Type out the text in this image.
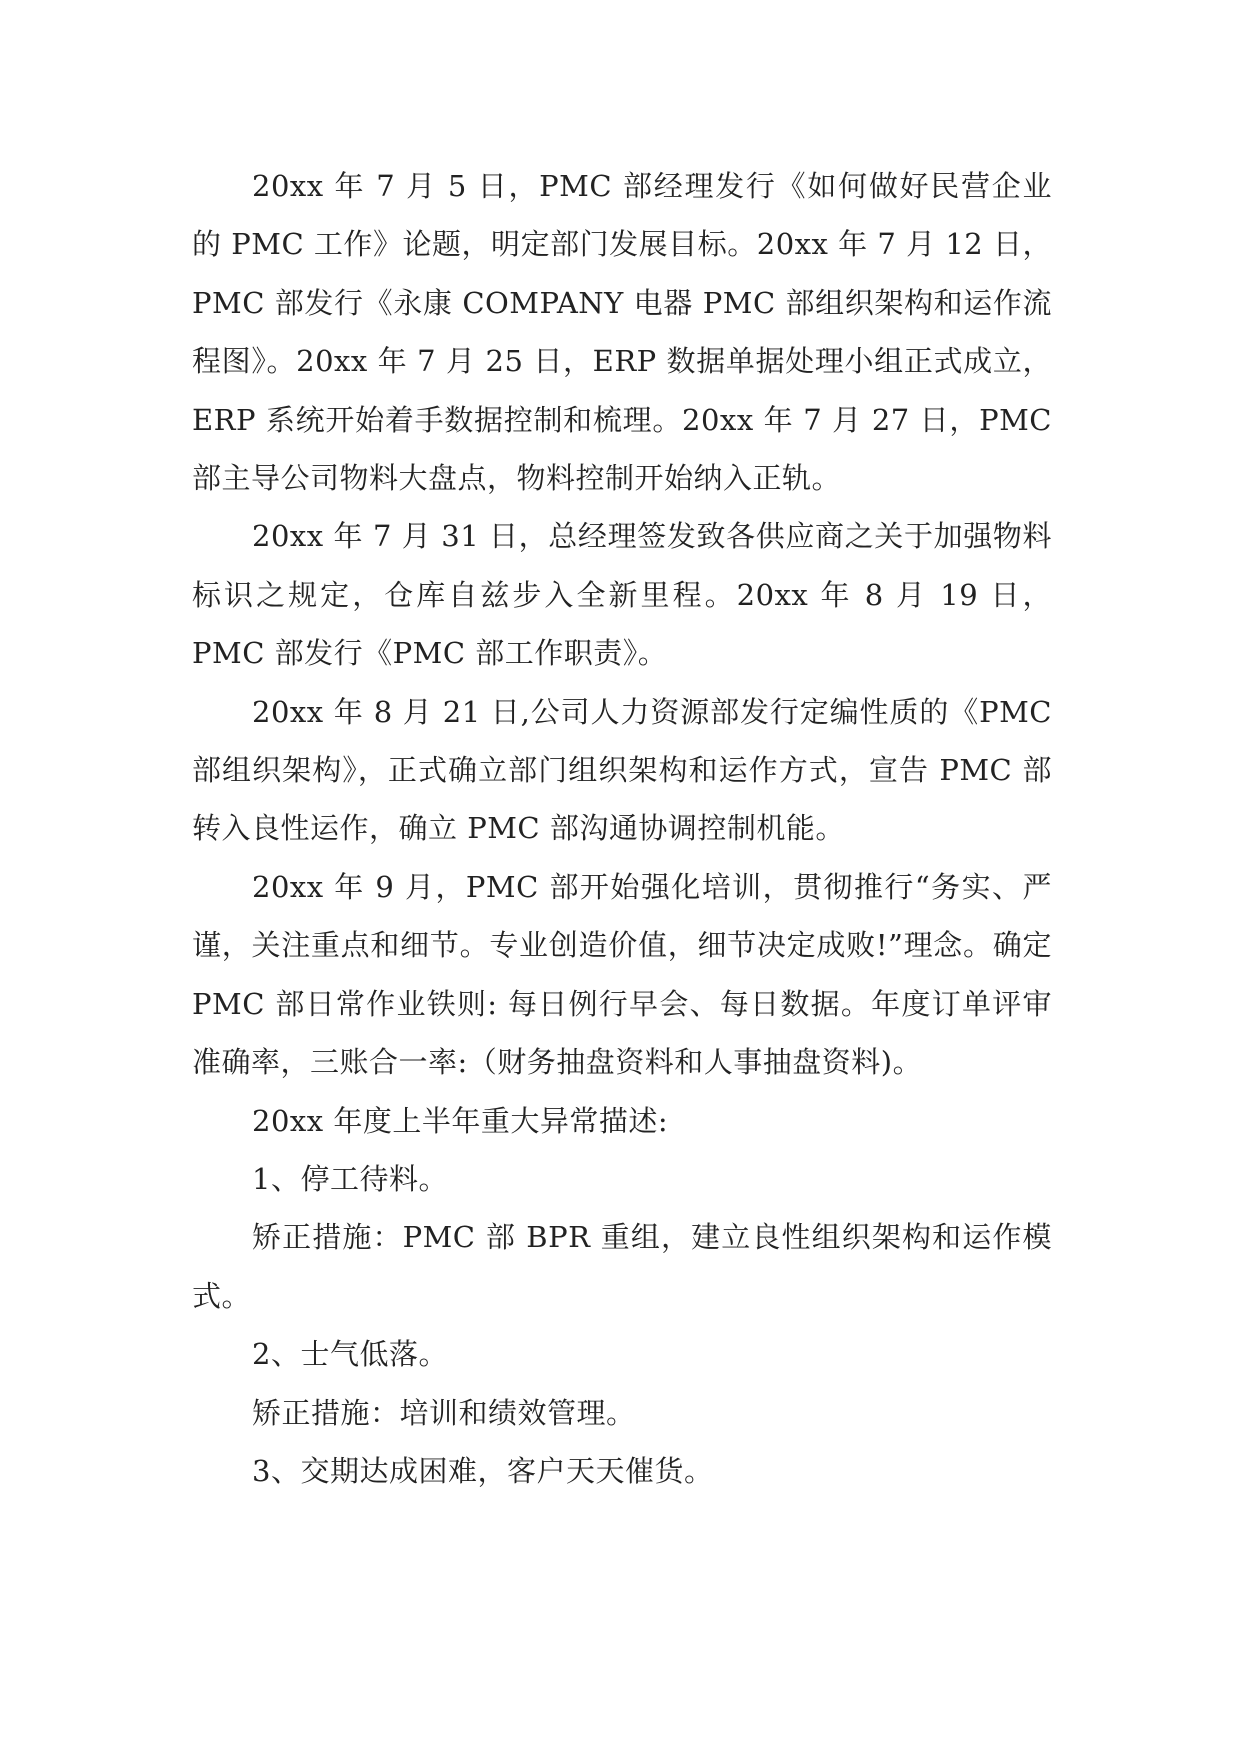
20xx 年 7 月 5 日，PMC 部经理发行《如何做好民营企业的 PMC 工作》论题，明定部门发展目标。20xx 年 7 月 12 日，PMC 部发行《永康 COMPANY 电器 PMC 部组织架构和运作流程图》。20xx 年 7 月 25 日，ERP 数据单据处理小组正式成立，ERP 系统开始着手数据控制和梳理。20xx 年 7 月 27 日，PMC 部主导公司物料大盘点，物料控制开始纳入正轨。

20xx 年 7 月 31 日，总经理签发致各供应商之关于加强物料标识之规定，仓库自兹步入全新里程。20xx 年 8 月 19 日，PMC 部发行《PMC 部工作职责》。

20xx 年 8 月 21 日,公司人力资源部发行定编性质的《PMC 部组织架构》，正式确立部门组织架构和运作方式，宣告 PMC 部转入良性运作，确立 PMC 部沟通协调控制机能。

20xx 年 9 月，PMC 部开始强化培训，贯彻推行“务实、严谨，关注重点和细节。专业创造价值，细节决定成败!”理念。确定 PMC 部日常作业铁则: 每日例行早会、每日数据。年度订单评审准确率，三账合一率:（财务抽盘资料和人事抽盘资料)。

20xx 年度上半年重大异常描述:

1、停工待料。

矫正措施：PMC 部 BPR 重组，建立良性组织架构和运作模式。

2、士气低落。

矫正措施：培训和绩效管理。

3、交期达成困难，客户天天催货。
